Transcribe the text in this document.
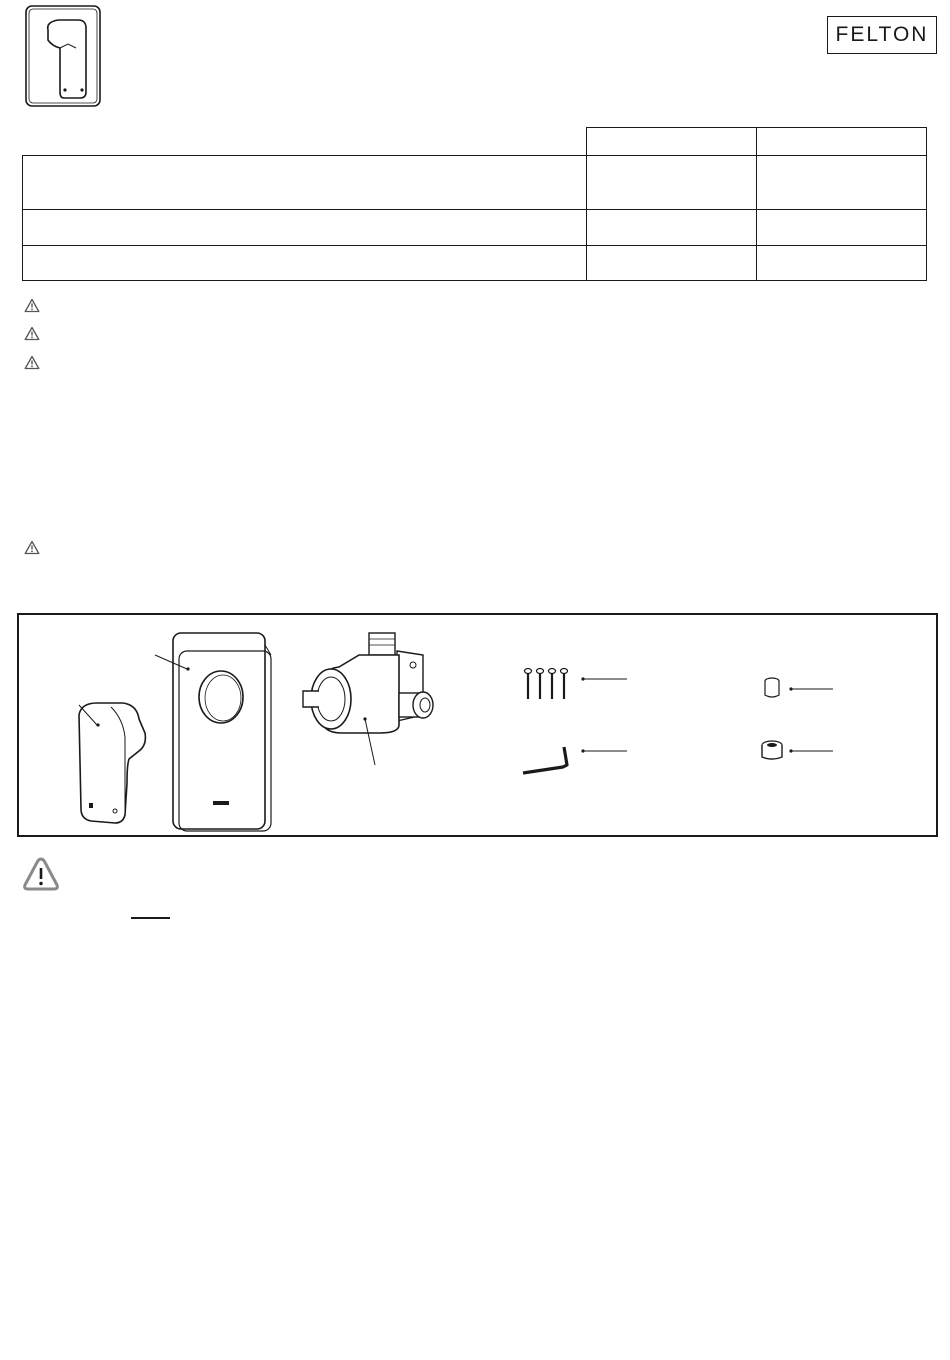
FELTON
